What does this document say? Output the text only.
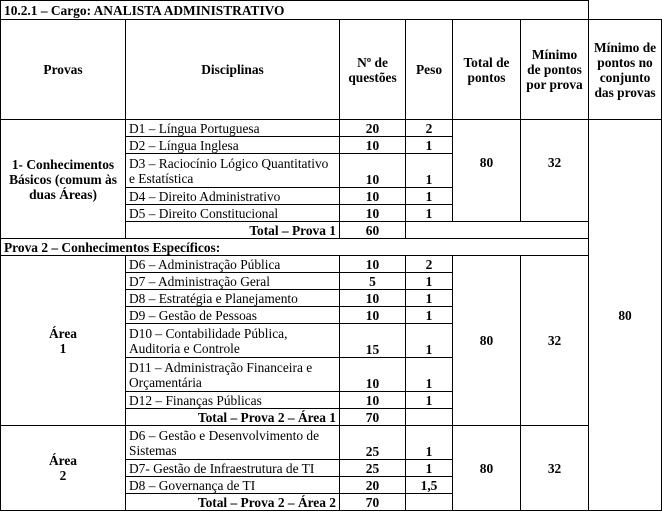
10.2.1 – Cargo: ANALISTA ADMINISTRATIVO						
Provas	Disciplinas	Nº de questões	Peso	Total de pontos	Mínimo de pontos por prova	Mínimo de pontos no conjunto das provas
1- Conhecimentos Básicos (comum às duas Áreas)	D1 – Língua Portuguesa	20	2	80	32	80
	D2 – Língua Inglesa	10	1			
	D3 – Raciocínio Lógico Quantitativo e Estatística	10	1			
	D4 – Direito Administrativo	10	1			
	D5 – Direito Constitucional	10	1			
	Total – Prova 1	60				
Prova 2 – Conhecimentos Específicos:						
Área
1	D6 – Administração Pública	10	2	80	32	
	D7 – Administração Geral	5	1			
	D8 – Estratégia e Planejamento	10	1			
	D9 – Gestão de Pessoas	10	1			
	D10 – Contabilidade Pública, Auditoria e Controle	15	1			
	D11 – Administração Financeira e Orçamentária	10	1			
	D12 – Finanças Públicas	10	1			
	Total – Prova 2 – Área 1	70				
Área
2	D6 – Gestão e Desenvolvimento de Sistemas	25	1	80	32	
	D7- Gestão de Infraestrutura de TI	25	1			
	D8 – Governança de TI	20	1,5			
	Total – Prova 2 – Área 2	70				
